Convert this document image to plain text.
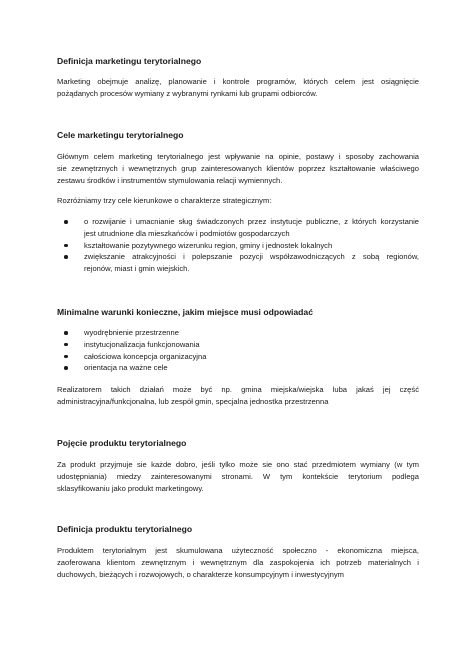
Definicja marketingu terytorialnego

Marketing obejmuje analizę, planowanie i kontrole programów, których celem jest osiągnięcie
pożądanych procesów wymiany z wybranymi rynkami lub grupami odbiorców.

Cele marketingu terytorialnego

Głównym celem marketing terytorialnego jest wpływanie na opinie, postawy i sposoby zachowania
sie zewnętrznych i wewnętrznych grup zainteresowanych klientów poprzez kształtowanie właściwego
zestawu środków i instrumentów stymulowania relacji wymiennych.

Rozróżniamy trzy cele kierunkowe o charakterze strategicznym:

o rozwijanie i umacnianie sług świadczonych przez instytucje publiczne, z których korzystanie
jest utrudnione dla mieszkańców i podmiotów gospodarczych
kształtowanie pozytywnego wizerunku region, gminy i jednostek lokalnych
zwiększanie atrakcyjności i polepszanie pozycji współzawodniczących z sobą regionów,
rejonów, miast i gmin wiejskich.
Minimalne warunki konieczne, jakim miejsce musi odpowiadać
wyodrębnienie przestrzenne
instytucjonalizacja funkcjonowania
całościowa koncepcja organizacyjna
orientacja na ważne cele

Realizatorem takich działań może być np. gmina miejska/wiejska luba jakaś jej część
administracyjna/funkcjonalna, lub zespół gmin, specjalna jednostka przestrzenna

Pojęcie produktu terytorialnego

Za produkt przyjmuje sie każde dobro, jeśli tylko może sie ono stać przedmiotem wymiany (w tym
udostępniania) miedzy zainteresowanymi stronami. W tym kontekście terytorium podlega
sklasyfikowaniu jako produkt marketingowy.

Definicja produktu terytorialnego

Produktem terytorialnym jest skumulowana użyteczność społeczno - ekonomiczna miejsca,
zaoferowana klientom zewnętrznym i wewnętrznym dla zaspokojenia ich potrzeb materialnych i
duchowych, bieżących i rozwojowych, o charakterze konsumpcyjnym i inwestycyjnym
